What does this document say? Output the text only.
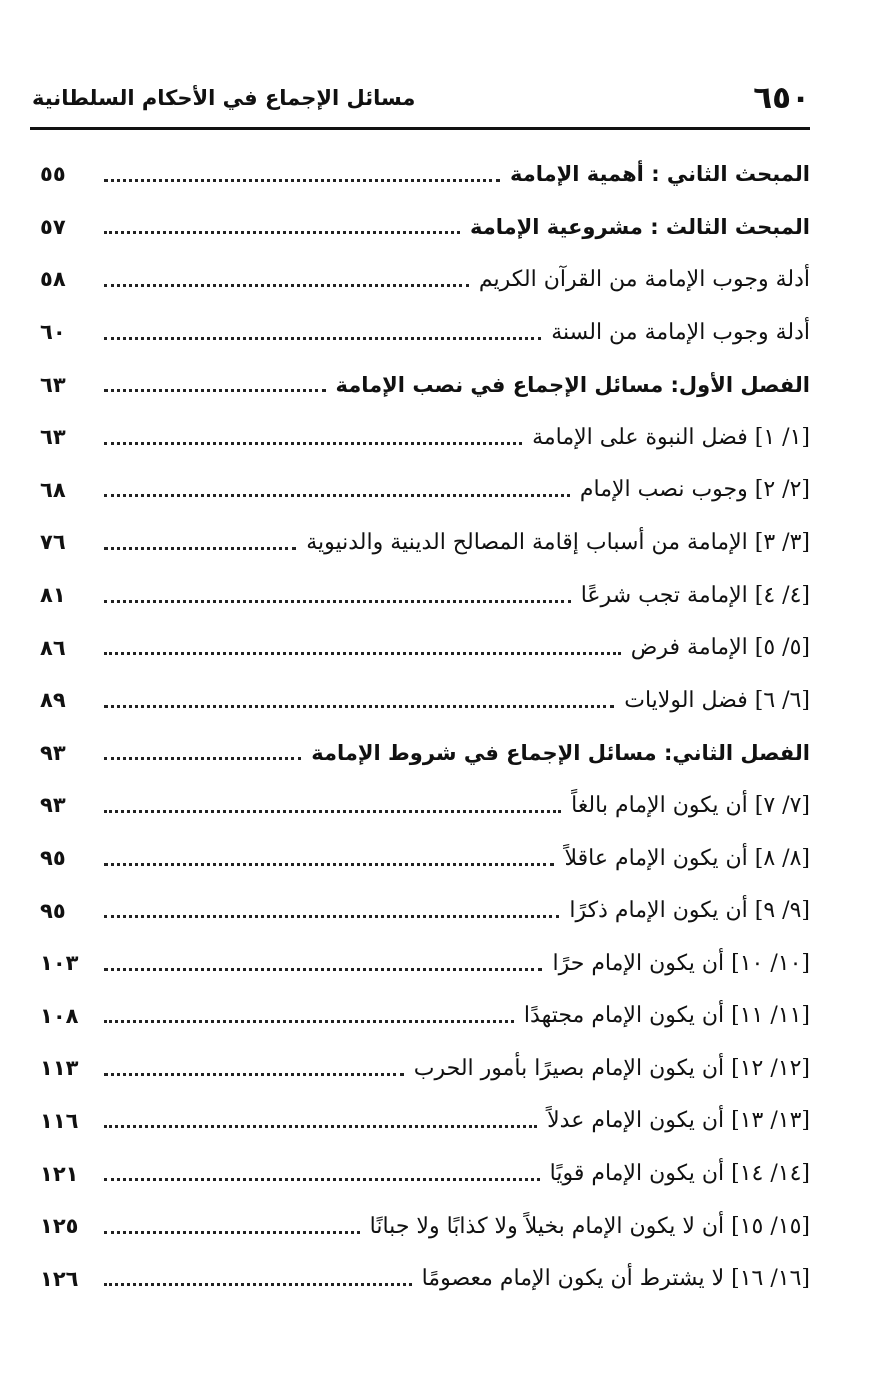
٦٥٠
مسائل الإجماع في الأحكام السلطانية
المبحث الثاني : أهمية الإمامة
٥٥
المبحث الثالث : مشروعية الإمامة
٥٧
أدلة وجوب الإمامة من القرآن الكريم
٥٨
أدلة وجوب الإمامة من السنة
٦٠
الفصل الأول: مسائل الإجماع في نصب الإمامة
٦٣
[١/ ١] فضل النبوة على الإمامة
٦٣
[٢/ ٢] وجوب نصب الإمام
٦٨
[٣/ ٣] الإمامة من أسباب إقامة المصالح الدينية والدنيوية
٧٦
[٤/ ٤] الإمامة تجب شرعًا
٨١
[٥/ ٥] الإمامة فرض
٨٦
[٦/ ٦] فضل الولايات
٨٩
الفصل الثاني: مسائل الإجماع في شروط الإمامة
٩٣
[٧/ ٧] أن يكون الإمام بالغاً
٩٣
[٨/ ٨] أن يكون الإمام عاقلاً
٩٥
[٩/ ٩] أن يكون الإمام ذكرًا
٩٥
[١٠/ ١٠] أن يكون الإمام حرًا
١٠٣
[١١/ ١١] أن يكون الإمام مجتهدًا
١٠٨
[١٢/ ١٢] أن يكون الإمام بصيرًا بأمور الحرب
١١٣
[١٣/ ١٣] أن يكون الإمام عدلاً
١١٦
[١٤/ ١٤] أن يكون الإمام قويًا
١٢١
[١٥/ ١٥] أن لا يكون الإمام بخيلاً ولا كذابًا ولا جبانًا
١٢٥
[١٦/ ١٦] لا يشترط أن يكون الإمام معصومًا
١٢٦
